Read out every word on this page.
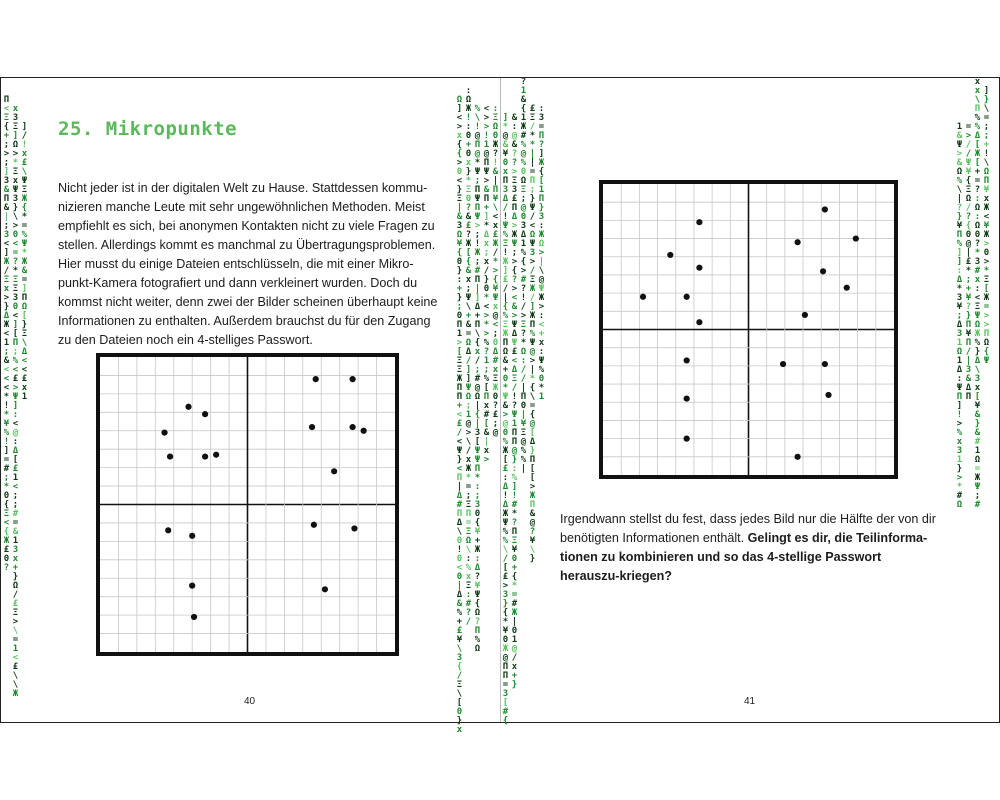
25. Mikropunkte

Nicht jeder ist in der digitalen Welt zu Hause. Stattdessen kommu-nizieren manche Leute mit sehr ungewöhnlichen Methoden. Meist empfiehlt es sich, bei anonymen Kontakten nicht zu viele Fragen zu stellen. Allerdings kommt es manchmal zu Übertragungsproblemen.

Hier musst du einige Dateien entschlüsseln, die mit einer Mikro-punkt-Kamera fotografiert und dann verkleinert wurden. Doch du kommst nicht weiter, denn zwei der Bilder scheinen überhaupt keine Informationen zu enthalten. Außerdem brauchst du für den Zugang zu den Dateien noch ein 4-stelliges Passwort.

40
Π
<
Ξ
{
+
;
>
;
]
З
&
Π
&
|
;
З
<
]
Ж
/
Ξ
x
>
}
Δ
Ж
<
1
;
&
<
<
<
*
!
*
¥
%
!
]
=
#
;
*
0
{
Ξ
<
{
Ж
£
0
?

x
З
Ξ
]
Ω
>
*
Ξ
x
Ψ
З
}
\
>
0
<
=
?
*
Ξ
Ξ
З
0
<
]
[
Π
;
%
<
£
>
Ψ
]
:
<
@
:
Δ
[
£
1
<
;
;
#
=
&
1
З
x
+
}
Ω
/
£
Ξ
>
\
=
1
<
£
\
\
Ж

]
/
!
x
£
\
Ψ
Ξ
Ж
{
*
=
%
Ψ
*
Ж
&
=
]
Π
Ω
[
}
Ξ
\
Δ
<
<
£
x
1

Ω
]
<
>
x
{
{
>
0
<
}
Ξ
|
&
З
Ω
¥
{
0
}
:
+
}
;
0
Π
1
>
[
Ξ
Ξ
Ж
Π
Π
+
<
£
/
<
Ψ
}
<
Π
|
Δ
#
Π
Δ
\
0
!
0
<
0
|
Δ
&
%
+
£
¥
\
З
{
/
Ξ
\
[
0
}
x

:
Ω
Ж
!
:
0
+
0
x
}
*
Ξ
0
?
&
£
?
Ж
[
{
&
x
;
Ψ
\
+
&
=
Ω
Δ
/
]
]
Ψ
Ω
;
1
@
>
\
/
x
Ж
*
=
;
Ξ
Π
=
Ξ
Ω
\
:
%
x
Ξ
:
#
?
/

%
\
!
@
Π
@
*
Ψ
;
Π
Ψ
Π
Ψ
>
;
!
Ж
;
#
Π
|
]
Δ
+
Π
\
{
x
/
;
#
@
Ω
|
{
|
З
[
Ψ
Ψ
Π
*
:
;
З
0
{
¥
+
Ж
:
Δ
?
¥
Ψ
{
Ω
?
Π
%
Ω

<
>
>
!
1
@
Π
Ψ
>
&
Π
+
]
*
Δ
x
;
x
/
}
0
*
<
>
*
>
%
?
1
;
%
[
Π
x
#
[
&
|
x
>

:
Ξ
Ω
0
Ж
?
!
&
|
Π
¥
\
<
x
£
Ж
/
*
>
{
¥
Ψ
x
@
<
;
0
Δ
#
x
Ξ
Ж
0
?
£
;
@

Irgendwann stellst du fest, dass jedes Bild nur die Hälfte der von dir benötigten Informationen enthält. Gelingt es dir, die Teilinforma-tionen zu kombinieren und so das 4-stellige Passwort herauszu-kriegen?

41
]
*
@
&
¥
0
x
Π
З
Δ
/
!
Ψ
%
Ξ
!
Ж
]
£
/
|
{
%
Ξ
Ж
Π
Ω
&
+
0
*
Ψ
&
>
@
0
%
Ж
[
£
:
Δ
!
Δ
Ж
Ψ
%
%
\
/
[
£
>
З
}
{
*
¥
0
Ж
@
Π
Π
=
З
[
#
{

&
:
@
&
?
?
>
Ξ
З
£
Π
Δ
>
Ж
Ψ
;
>
{
?
>
<
&
>
Ψ
Δ
Ψ
£
<
Δ
Ξ
/
!
?
Ψ
1
Π
Π
@
}
:
%
]
!
#
*
?
Π
Ξ
¥
0
+
{
*
=
#
Ж
|
0
1
@
/
x
+
}

?
1
&
{
1
Ж
#
%
@
%
0
Ω
Ξ
;
@
0
З
Δ
1
%
{
>
#
?
!
/
>
Ξ
?
*
Ω
:
/
/
|
Π
0
|
¥
Ξ
@
%
%
|

£
Ξ
/
*
*
|
|
=
Π
;
}
Ψ
/
<
Ω
Ψ
З
>
/
Ξ
Ж
/
]
Ж
Π
%
Ψ
@
>
|
*
{
\
=
{
@
[
Δ
}
Π
[
[
>
Ж
Π
&
@
?
¥
\
}

:
З
=
Π
?
]
Ж
{
[
1
Π
}
З
:
Ж
Ω
>
|
\
@
Ψ
Ж
>
:
<
+
x
:
Ψ
%
0
*
1

1
&
Ψ
>
&
Ω
%
\
|
?
}
¥
Π
%
]
]
:
Δ
*
З
¥
;
Δ
З
1
Ω
1
Δ
:
Ψ
Π
]
!
>
%
x
З
1
}
>
*
#
Ω

=
>
/
/
Ψ
¥
{
Ξ
Ω
/
?
{
0
@
|
£
*
;
+
¥
?
}
Π
¥
Π
/
|
З
&
Δ
Π

x
x
\
Π
%
%
Δ
[
Ж
[
+
=
?
:
Ω
:
Ω
0
?
*
З
#
x
:
<
Ξ
Ψ
Ω
Ж
%
}
Δ
\
З
x
[
¥
&
}
&
#
1
Ω
=
Ж
Ψ
;
#

]
}
\
=
;
;
+
!
\
Ω
Π
¥
x
Ж
<
¥
Ж
>
0
>
*
Ξ
[
Ж
=
>
>
Π
Ω
{
Ψ
